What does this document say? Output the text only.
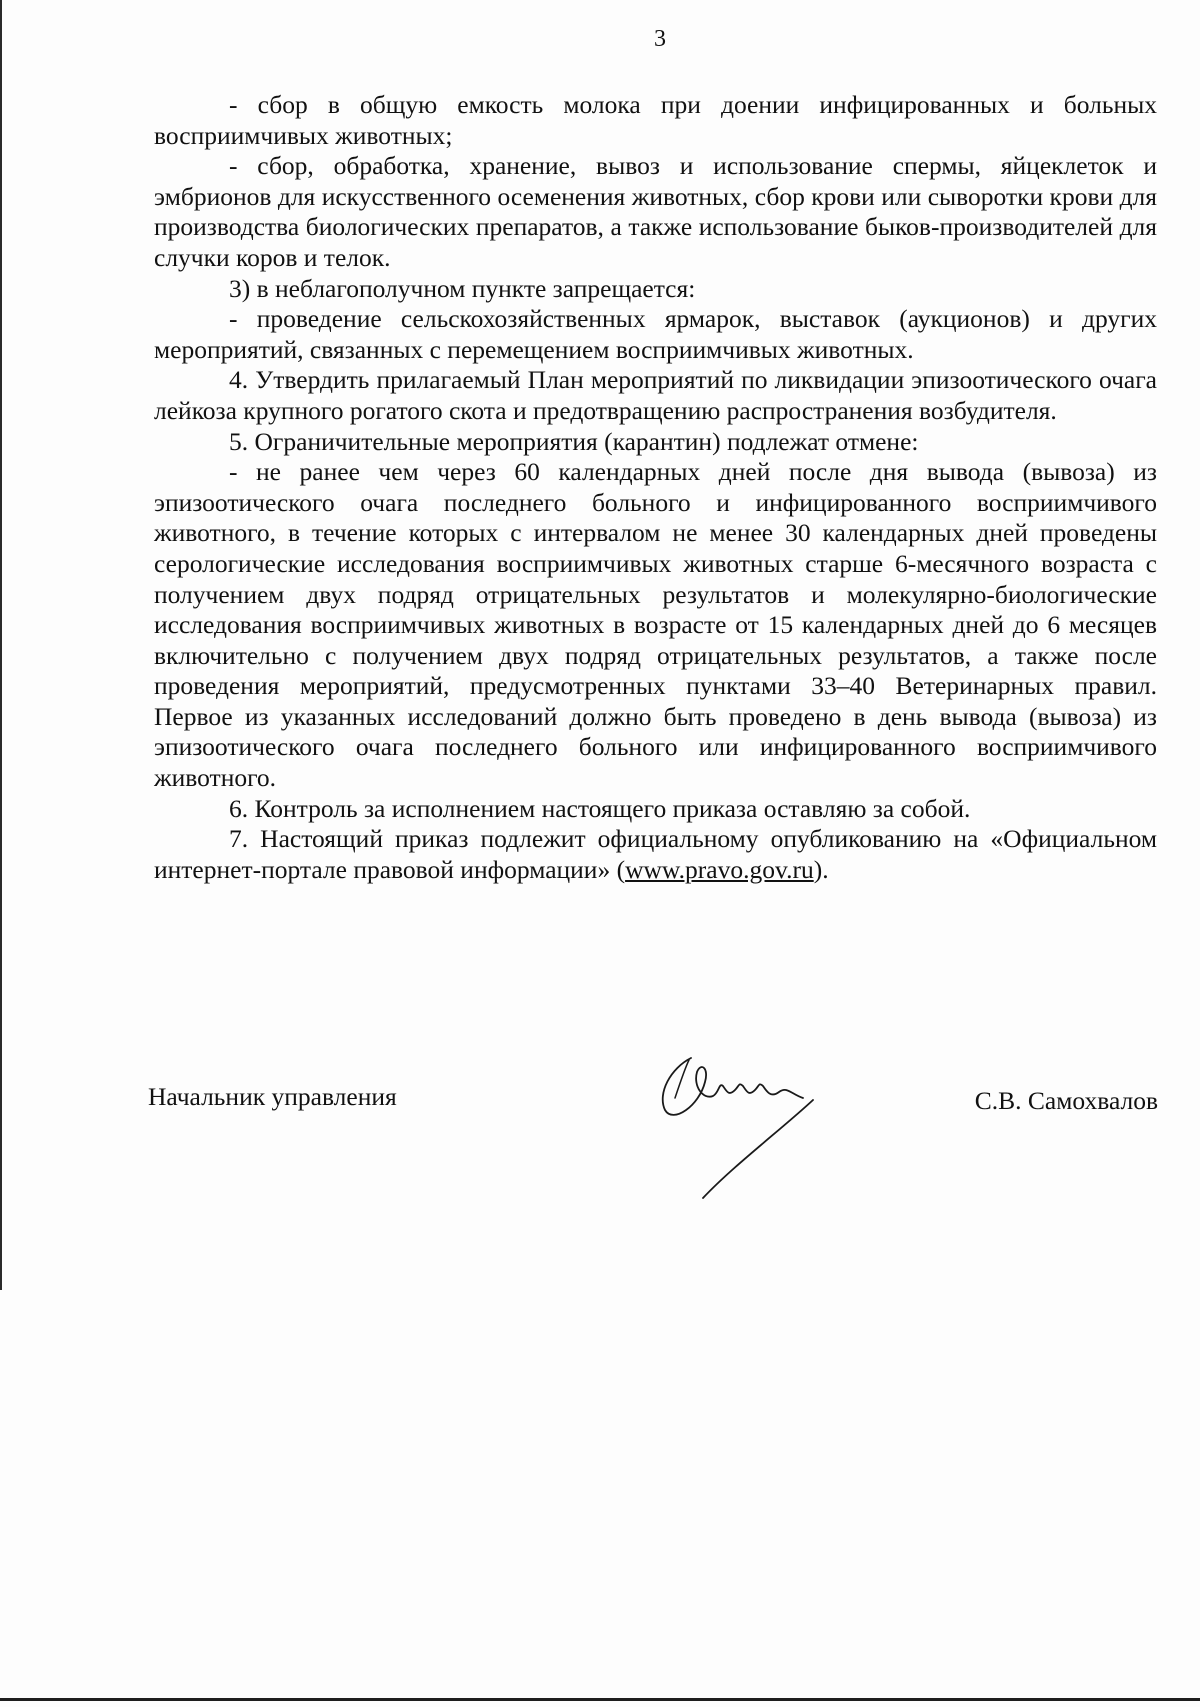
3

- сбор в общую емкость молока при доении инфицированных и больных восприимчивых животных;

- сбор, обработка, хранение, вывоз и использование спермы, яйцеклеток и эмбрионов для искусственного осеменения животных, сбор крови или сыворотки крови для производства биологических препаратов, а также использование быков-производителей для случки коров и телок.

3) в неблагополучном пункте запрещается:

- проведение сельскохозяйственных ярмарок, выставок (аукционов) и других мероприятий, связанных с перемещением восприимчивых животных.

4. Утвердить прилагаемый План мероприятий по ликвидации эпизоотического очага лейкоза крупного рогатого скота и предотвращению распространения возбудителя.

5. Ограничительные мероприятия (карантин) подлежат отмене:

- не ранее чем через 60 календарных дней после дня вывода (вывоза) из эпизоотического очага последнего больного и инфицированного восприимчивого животного, в течение которых с интервалом не менее 30 календарных дней проведены серологические исследования восприимчивых животных старше 6-месячного возраста с получением двух подряд отрицательных результатов и молекулярно-биологические исследования восприимчивых животных в возрасте от 15 календарных дней до 6 месяцев включительно с получением двух подряд отрицательных результатов, а также после проведения мероприятий, предусмотренных пунктами 33–40 Ветеринарных правил. Первое из указанных исследований должно быть проведено в день вывода (вывоза) из эпизоотического очага последнего больного или инфицированного восприимчивого животного.

6. Контроль за исполнением настоящего приказа оставляю за собой.

7. Настоящий приказ подлежит официальному опубликованию на «Официальном интернет-портале правовой информации» (www.pravo.gov.ru).

Начальник управления	С.В. Самохвалов
